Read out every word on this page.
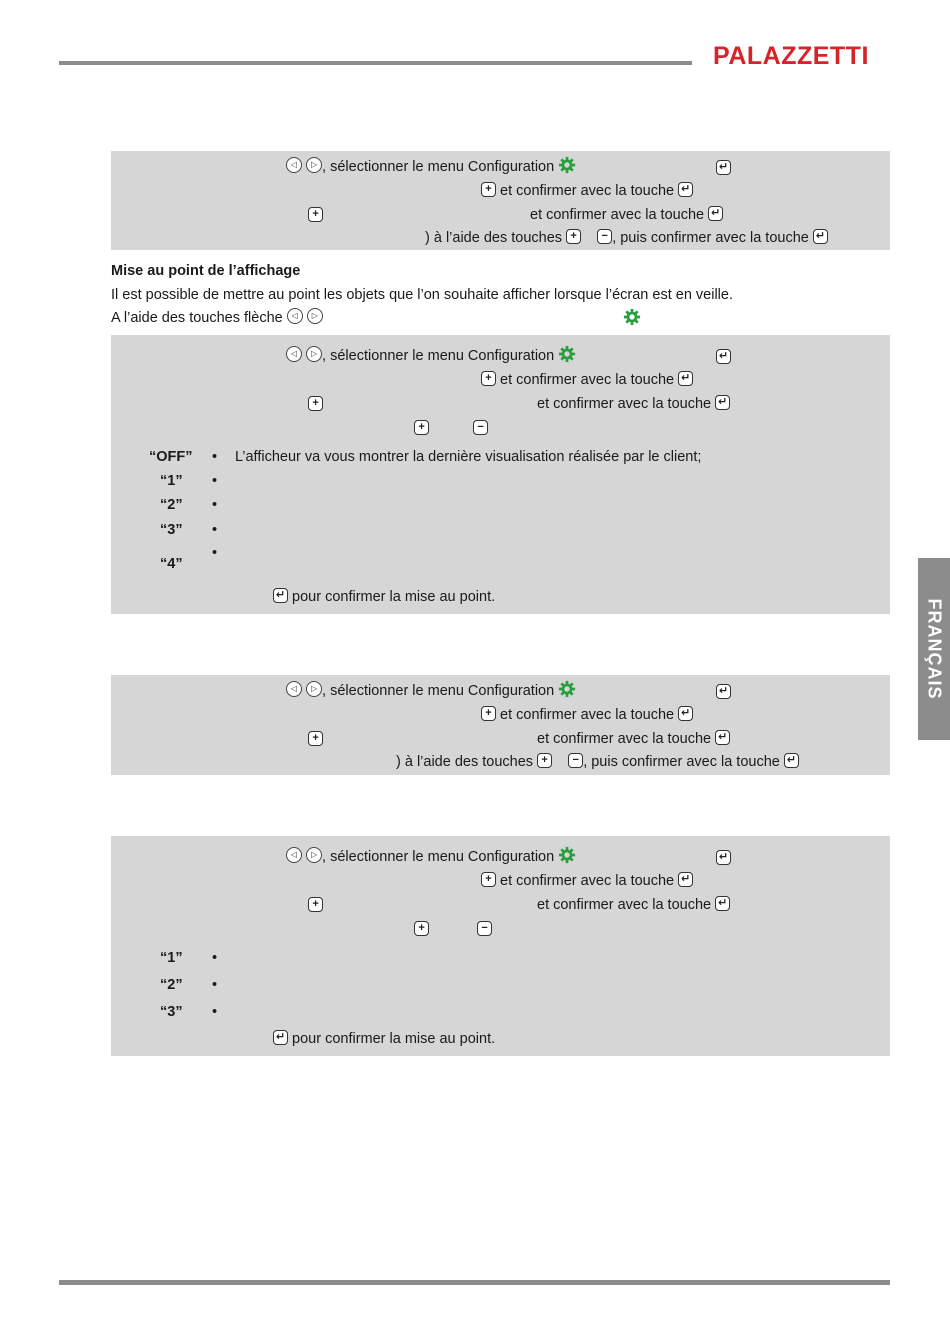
PALAZZETTI
FRANÇAIS
◁ ▷, sélectionner le menu Configuration
↵
+ et confirmer avec la touche ↵
+
et confirmer avec la touche ↵
) à l’aide des touches + −	, puis confirmer avec la touche ↵
Mise au point de l’affichage
Il est possible de mettre au point les objets que l’on souhaite afficher lorsque l’écran est en veille.
A l’aide des touches flèche ◁ ▷
◁ ▷, sélectionner le menu Configuration
↵
+ et confirmer avec la touche ↵
+
et confirmer avec la touche ↵
+ −
“OFF” • L’afficheur va vous montrer la dernière visualisation réalisée par le client;
“1” •
“2” •
“3” •
•
“4”
↵ pour confirmer la mise au point.
◁ ▷, sélectionner le menu Configuration
↵
+ et confirmer avec la touche ↵
+
et confirmer avec la touche ↵
) à l’aide des touches + −	, puis confirmer avec la touche ↵
◁ ▷, sélectionner le menu Configuration
↵
+ et confirmer avec la touche ↵
+
et confirmer avec la touche ↵
+ −
“1” •
“2” •
“3” •
↵ pour confirmer la mise au point.
